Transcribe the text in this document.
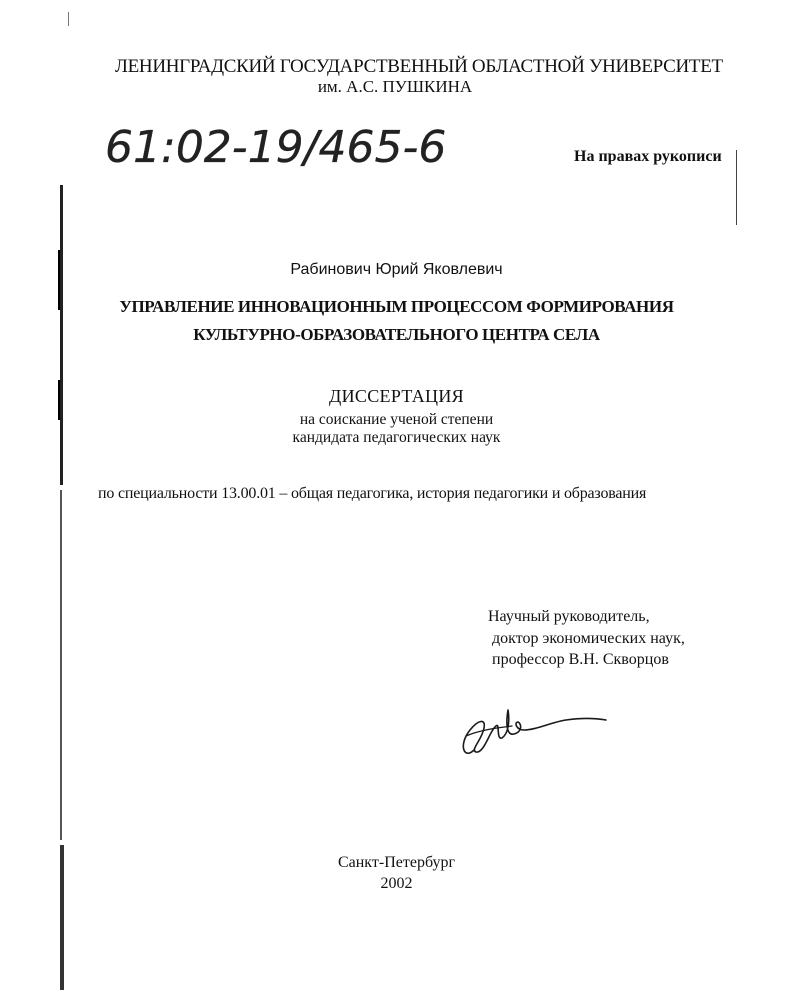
ЛЕНИНГРАДСКИЙ ГОСУДАРСТВЕННЫЙ ОБЛАСТНОЙ УНИВЕРСИТЕТ
им. А.С. ПУШКИНА
61:02-19/465-6	На правах рукописи
Рабинович Юрий Яковлевич
УПРАВЛЕНИЕ ИННОВАЦИОННЫМ ПРОЦЕССОМ ФОРМИРОВАНИЯ
КУЛЬТУРНО-ОБРАЗОВАТЕЛЬНОГО ЦЕНТРА СЕЛА
ДИССЕРТАЦИЯ
на соискание ученой степени
кандидата педагогических наук
по специальности 13.00.01 – общая педагогика, история педагогики и образования
Научный руководитель,
доктор экономических наук,
профессор В.Н. Скворцов
Санкт-Петербург
2002
